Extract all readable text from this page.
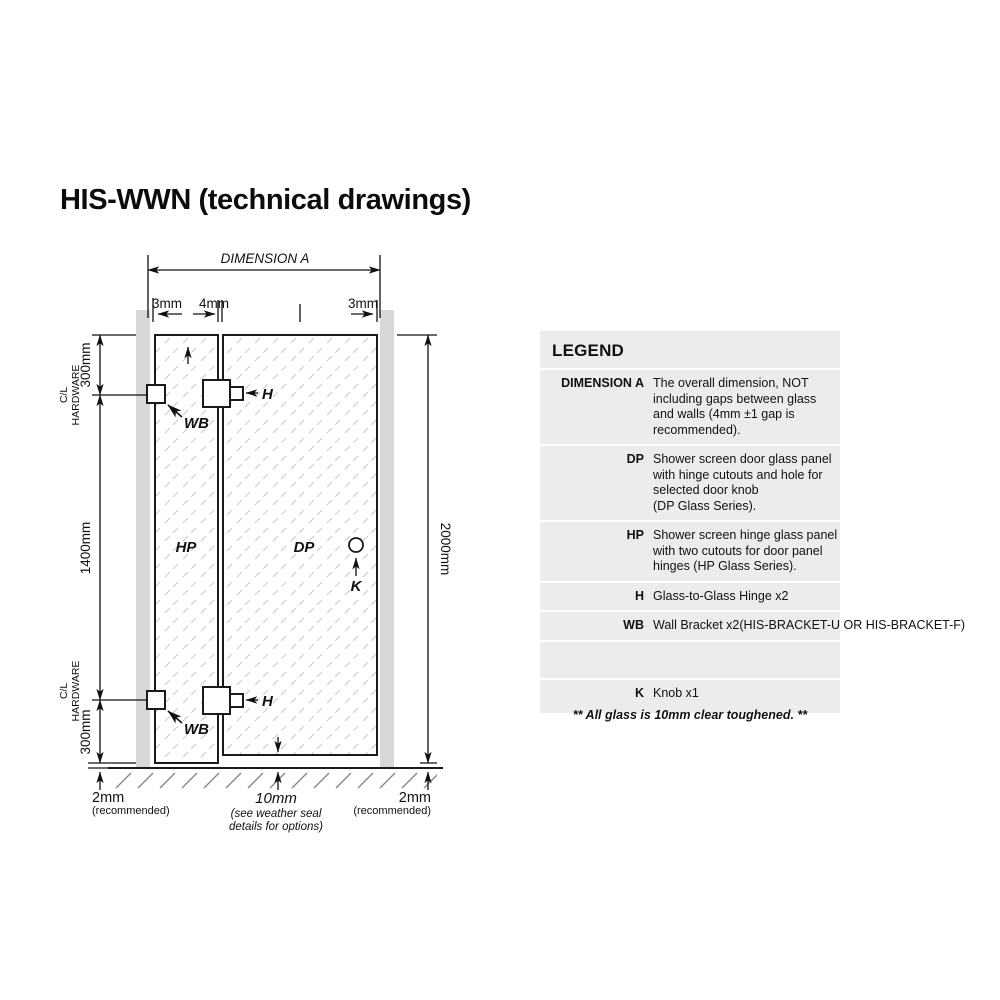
HIS-WWN (technical drawings)
DIMENSION A
3mm 4mm	3mm
HP	DP
H
H
WB
WB
K
300mm
1400mm
300mm
C/L HARDWARE
C/L HARDWARE
2000mm
2mm
(recommended)
10mm
(see weather seal
details for options)
2mm
(recommended)
LEGEND
DIMENSION A The overall dimension, NOT
including gaps between glass
and walls (4mm ±1 gap is
recommended).
DP Shower screen door glass panel
with hinge cutouts and hole for
selected door knob
(DP Glass Series).
HP Shower screen hinge glass panel
with two cutouts for door panel
hinges (HP Glass Series).
H Glass-to-Glass Hinge x2
WB Wall Bracket x2(HIS-BRACKET-U OR HIS-BRACKET-F)
K Knob x1
** All glass is 10mm clear toughened. **
